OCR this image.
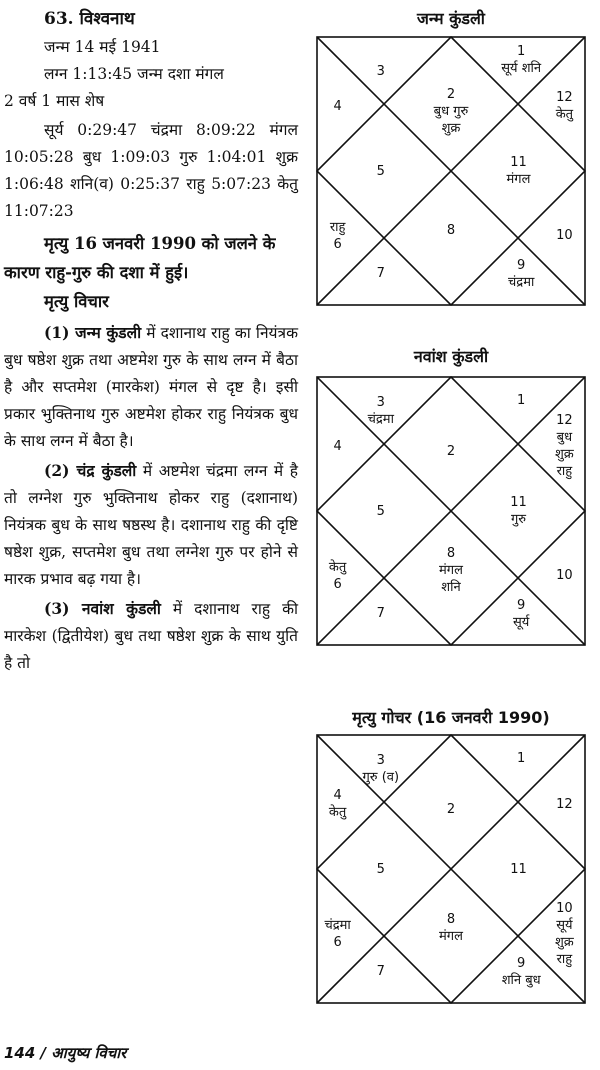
63. विश्वनाथ

जन्म 14 मई 1941

लग्न 1:13:45 जन्म दशा मंगल

2 वर्ष 1 मास शेष

सूर्य 0:29:47 चंद्रमा 8:09:22 मंगल 10:05:28 बुध 1:09:03 गुरु 1:04:01 शुक्र 1:06:48 शनि(व) 0:25:37 राहु 5:07:23 केतु 11:07:23

मृत्यु 16 जनवरी 1990 को जलने के कारण राहु-गुरु की दशा में हुई।

मृत्यु विचार

(1) जन्म कुंडली में दशानाथ राहु का नियंत्रक बुध षष्ठेश शुक्र तथा अष्टमेश गुरु के साथ लग्न में बैठा है और सप्तमेश (मारकेश) मंगल से दृष्ट है। इसी प्रकार भुक्तिनाथ गुरु अष्टमेश होकर राहु नियंत्रक बुध के साथ लग्न में बैठा है।

(2) चंद्र कुंडली में अष्टमेश चंद्रमा लग्न में है तो लग्नेश गुरु भुक्तिनाथ होकर राहु (दशानाथ) नियंत्रक बुध के साथ षष्ठस्थ है। दशानाथ राहु की दृष्टि षष्ठेश शुक्र, सप्तमेश बुध तथा लग्नेश गुरु पर होने से मारक प्रभाव बढ़ गया है।

(3) नवांश कुंडली में दशानाथ राहु की मारकेश (द्वितीयेश) बुध तथा षष्ठेश शुक्र के साथ युति है तो

जन्म कुंडली
1
सूर्य शनि
2
बुध गुरु
शुक्र
3
4
5
राहु
6
7
8
9
चंद्रमा
10
11
मंगल
12
केतु
नवांश कुंडली
1
2
3
चंद्रमा
4
5
केतु
6
7
8
मंगल
शनि
9
सूर्य
10
11
गुरु
12
बुध
शुक्र
राहु
मृत्यु गोचर (16 जनवरी 1990)
1
2
3
गुरु (व)
4
केतु
5
चंद्रमा
6
7
8
मंगल
9
शनि बुध
10
सूर्य
शुक्र
राहु
11
12
144 / आयुष्य विचार
